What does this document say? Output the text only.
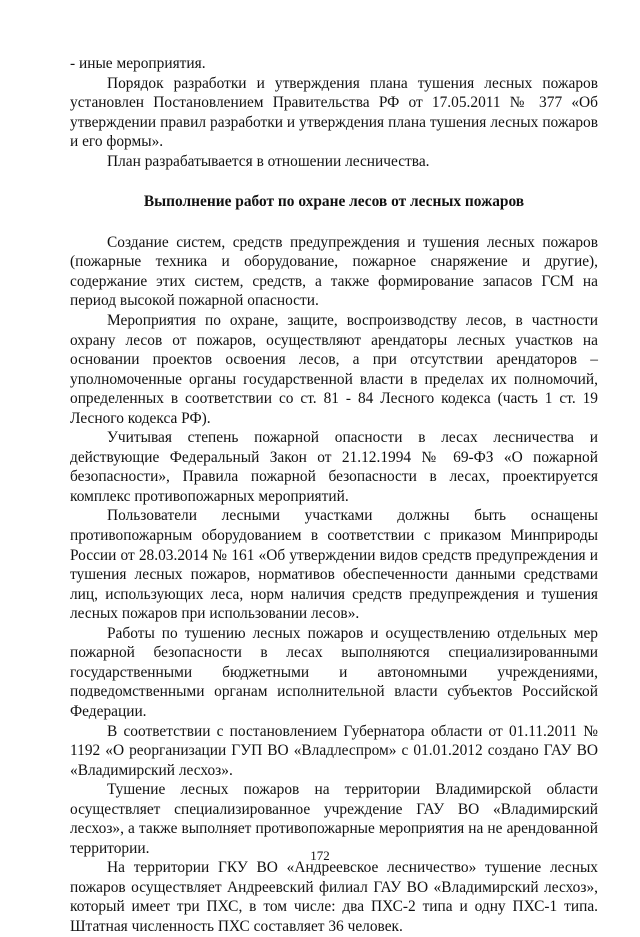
- иные мероприятия.

Порядок разработки и утверждения плана тушения лесных пожаров установлен Постановлением Правительства РФ от 17.05.2011 № 377 «Об утверждении правил разработки и утверждения плана тушения лесных пожаров и его формы».

План разрабатывается в отношении лесничества.

Выполнение работ по охране лесов от лесных пожаров

Создание систем, средств предупреждения и тушения лесных пожаров (пожарные техника и оборудование, пожарное снаряжение и другие), содержание этих систем, средств, а также формирование запасов ГСМ на период высокой пожарной опасности.

Мероприятия по охране, защите, воспроизводству лесов, в частности охрану лесов от пожаров, осуществляют арендаторы лесных участков на основании проектов освоения лесов, а при отсутствии арендаторов – уполномоченные органы государственной власти в пределах их полномочий, определенных в соответствии со ст. 81 - 84 Лесного кодекса (часть 1 ст. 19 Лесного кодекса РФ).

Учитывая степень пожарной опасности в лесах лесничества и действующие Федеральный Закон от 21.12.1994 № 69-ФЗ «О пожарной безопасности», Правила пожарной безопасности в лесах, проектируется комплекс противопожарных мероприятий.

Пользователи лесными участками должны быть оснащены противопожарным оборудованием в соответствии с приказом Минприроды России от 28.03.2014 № 161 «Об утверждении видов средств предупреждения и тушения лесных пожаров, нормативов обеспеченности данными средствами лиц, использующих леса, норм наличия средств предупреждения и тушения лесных пожаров при использовании лесов».

Работы по тушению лесных пожаров и осуществлению отдельных мер пожарной безопасности в лесах выполняются специализированными государственными бюджетными и автономными учреждениями, подведомственными органам исполнительной власти субъектов Российской Федерации.

В соответствии с постановлением Губернатора области от 01.11.2011 № 1192 «О реорганизации ГУП ВО «Владлеспром» с 01.01.2012 создано ГАУ ВО «Владимирский лесхоз».

Тушение лесных пожаров на территории Владимирской области осуществляет специализированное учреждение ГАУ ВО «Владимирский лесхоз», а также выполняет противопожарные мероприятия на не арендованной территории.

На территории ГКУ ВО «Андреевское лесничество» тушение лесных пожаров осуществляет Андреевский филиал ГАУ ВО «Владимирский лесхоз», который имеет три ПХС, в том числе: два ПХС-2 типа и одну ПХС-1 типа. Штатная численность ПХС составляет 36 человек.

172
